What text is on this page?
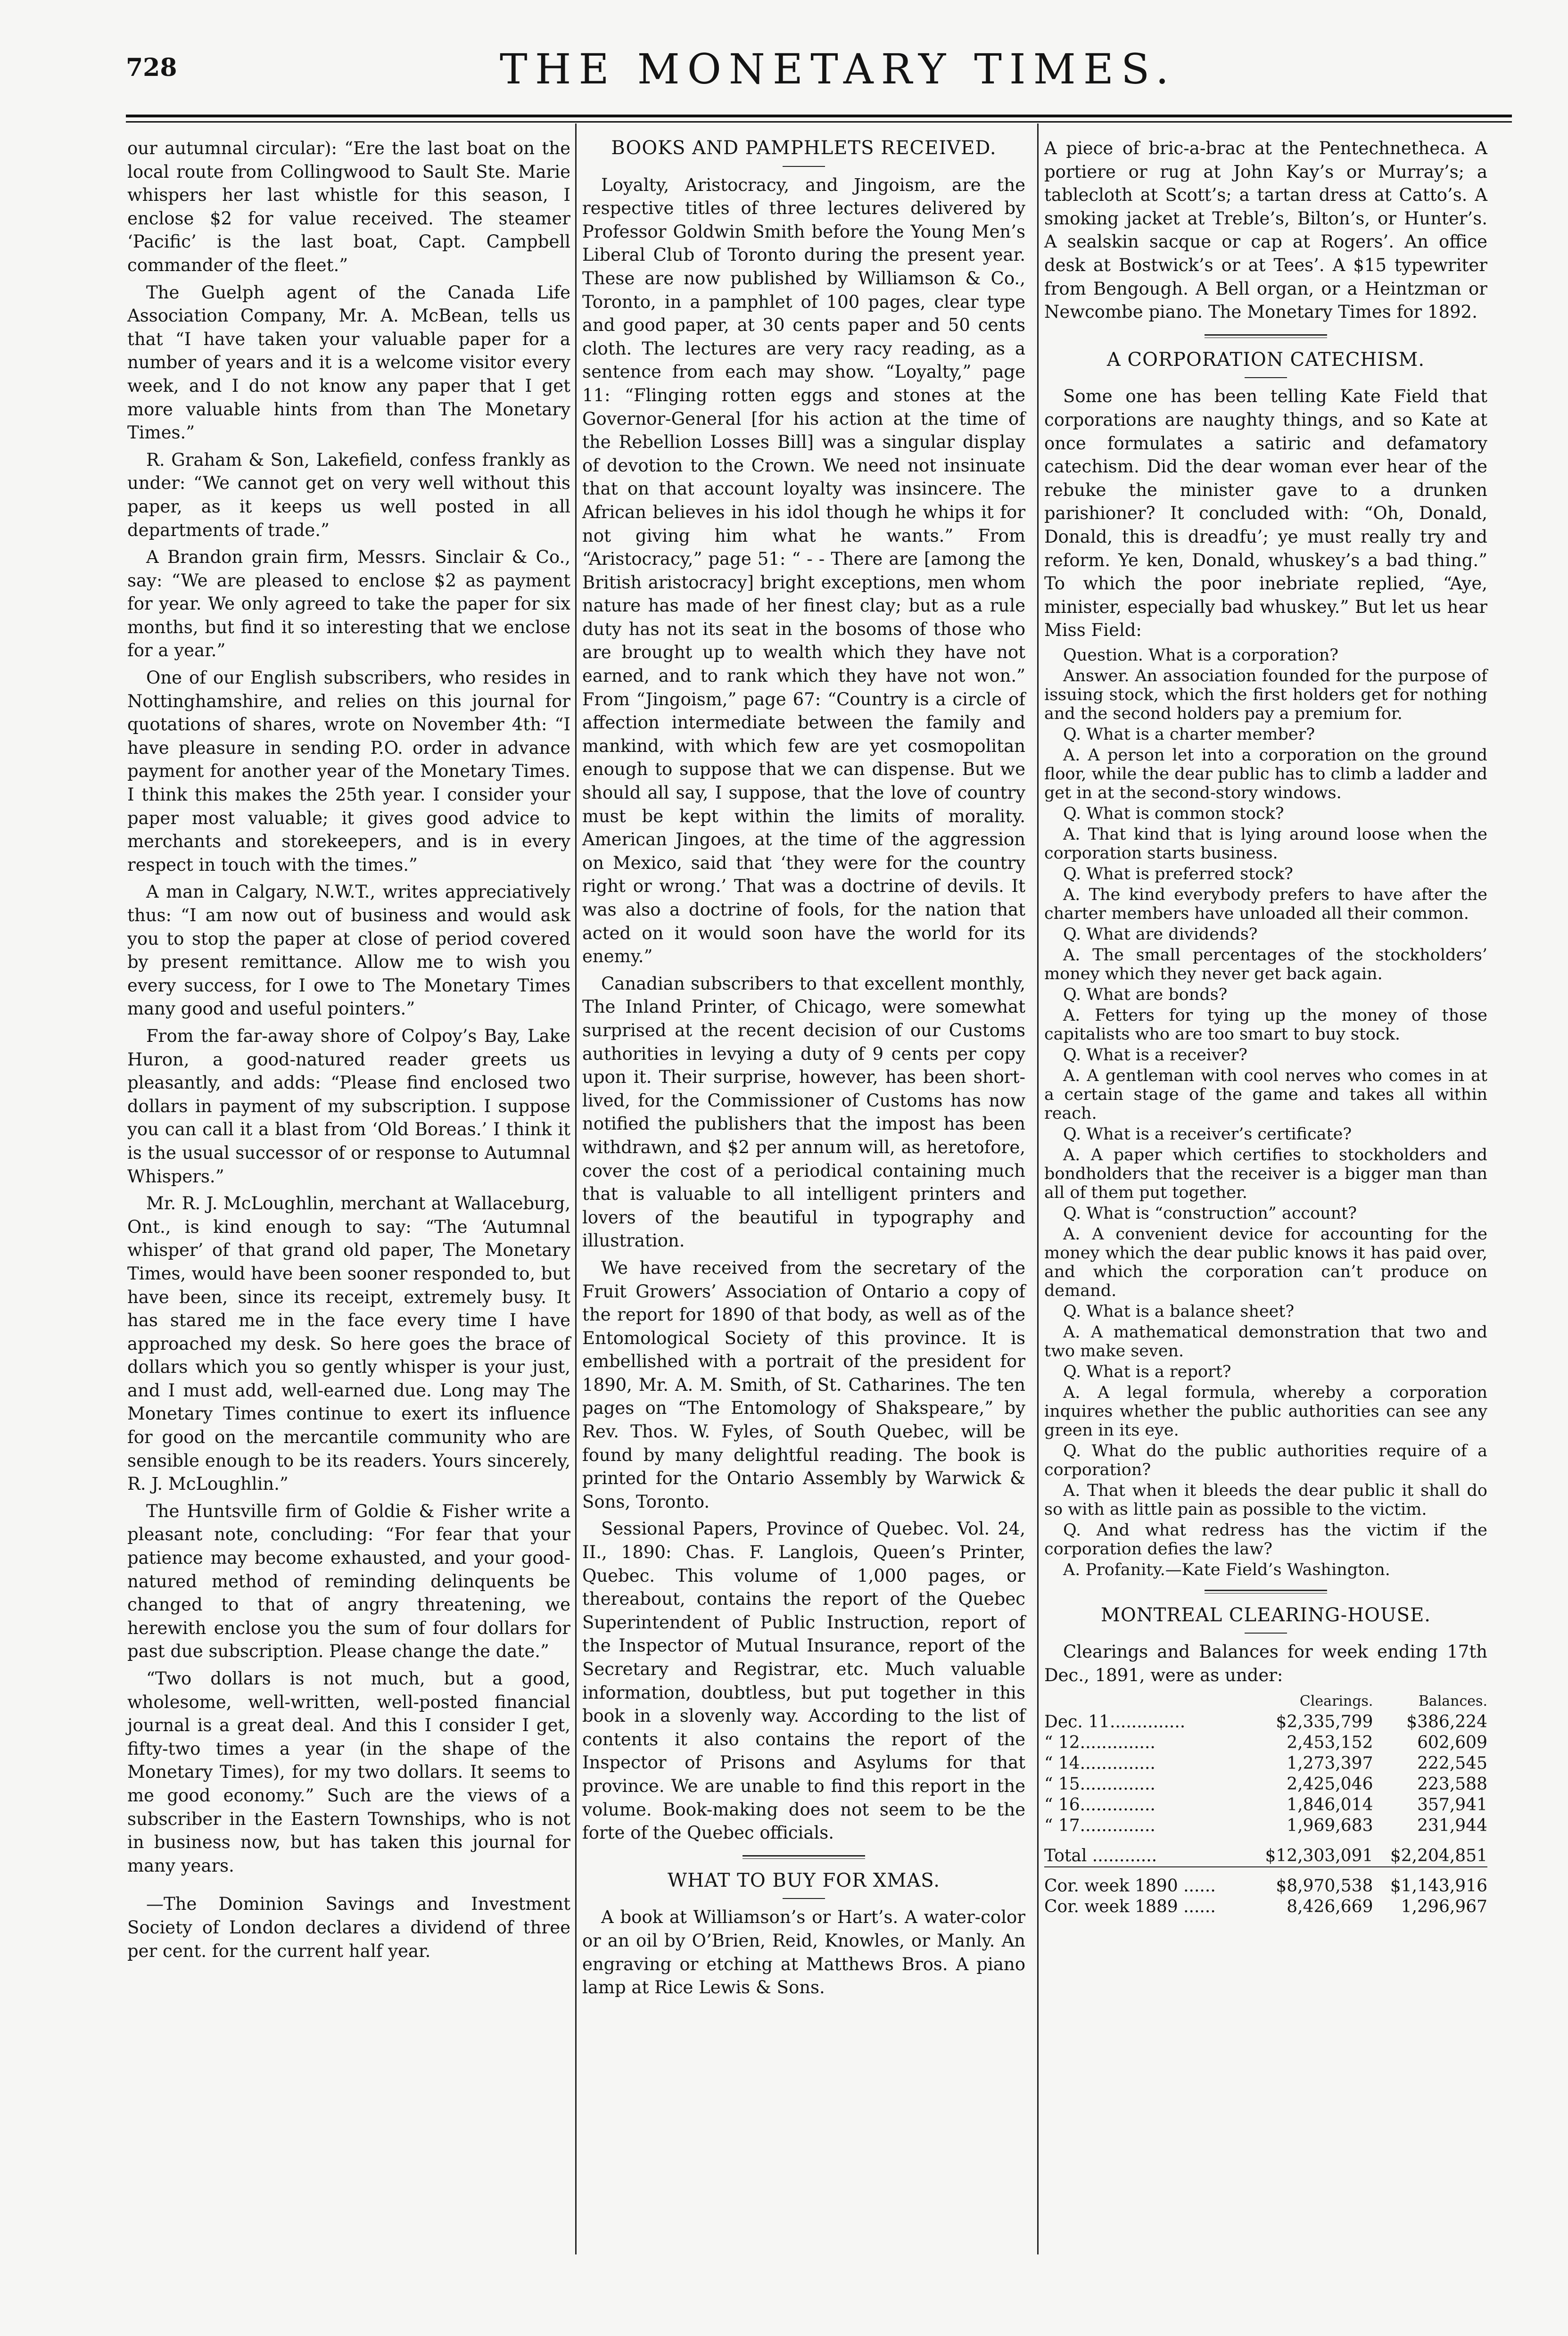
728	THE MONETARY TIMES.

our autumnal circular): “Ere the last boat on the local route from Collingwood to Sault Ste. Marie whispers her last whistle for this season, I enclose $2 for value received. The steamer ‘Pacific’ is the last boat, Capt. Campbell commander of the fleet.”

The Guelph agent of the Canada Life Association Company, Mr. A. McBean, tells us that “I have taken your valuable paper for a number of years and it is a welcome visitor every week, and I do not know any paper that I get more valuable hints from than The Monetary Times.”

R. Graham & Son, Lakefield, confess frankly as under: “We cannot get on very well without this paper, as it keeps us well posted in all departments of trade.”

A Brandon grain firm, Messrs. Sinclair & Co., say: “We are pleased to enclose $2 as payment for year. We only agreed to take the paper for six months, but find it so interesting that we enclose for a year.”

One of our English subscribers, who resides in Nottinghamshire, and relies on this journal for quotations of shares, wrote on November 4th: “I have pleasure in sending P.O. order in advance payment for another year of the Monetary Times. I think this makes the 25th year. I consider your paper most valuable; it gives good advice to merchants and storekeepers, and is in every respect in touch with the times.”

A man in Calgary, N.W.T., writes appreciatively thus: “I am now out of business and would ask you to stop the paper at close of period covered by present remittance. Allow me to wish you every success, for I owe to The Monetary Times many good and useful pointers.”

From the far-away shore of Colpoy’s Bay, Lake Huron, a good-natured reader greets us pleasantly, and adds: “Please find enclosed two dollars in payment of my subscription. I suppose you can call it a blast from ‘Old Boreas.’ I think it is the usual successor of or response to Autumnal Whispers.”

Mr. R. J. McLoughlin, merchant at Wallaceburg, Ont., is kind enough to say: “The ‘Autumnal whisper’ of that grand old paper, The Monetary Times, would have been sooner responded to, but have been, since its receipt, extremely busy. It has stared me in the face every time I have approached my desk. So here goes the brace of dollars which you so gently whisper is your just, and I must add, well-earned due. Long may The Monetary Times continue to exert its influence for good on the mercantile community who are sensible enough to be its readers. Yours sincerely, R. J. McLoughlin.”

The Huntsville firm of Goldie & Fisher write a pleasant note, concluding: “For fear that your patience may become exhausted, and your good-natured method of reminding delinquents be changed to that of angry threatening, we herewith enclose you the sum of four dollars for past due subscription. Please change the date.”

“Two dollars is not much, but a good, wholesome, well-written, well-posted financial journal is a great deal. And this I consider I get, fifty-two times a year (in the shape of the Monetary Times), for my two dollars. It seems to me good economy.” Such are the views of a subscriber in the Eastern Townships, who is not in business now, but has taken this journal for many years.

—The Dominion Savings and Investment Society of London declares a dividend of three per cent. for the current half year.

BOOKS AND PAMPHLETS RECEIVED.

Loyalty, Aristocracy, and Jingoism, are the respective titles of three lectures delivered by Professor Goldwin Smith before the Young Men’s Liberal Club of Toronto during the present year. These are now published by Williamson & Co., Toronto, in a pamphlet of 100 pages, clear type and good paper, at 30 cents paper and 50 cents cloth. The lectures are very racy reading, as a sentence from each may show. “Loyalty,” page 11: “Flinging rotten eggs and stones at the Governor-General [for his action at the time of the Rebellion Losses Bill] was a singular display of devotion to the Crown. We need not insinuate that on that account loyalty was insincere. The African believes in his idol though he whips it for not giving him what he wants.” From “Aristocracy,” page 51: “ - - There are [among the British aristocracy] bright exceptions, men whom nature has made of her finest clay; but as a rule duty has not its seat in the bosoms of those who are brought up to wealth which they have not earned, and to rank which they have not won.” From “Jingoism,” page 67: “Country is a circle of affection intermediate between the family and mankind, with which few are yet cosmopolitan enough to suppose that we can dispense. But we should all say, I suppose, that the love of country must be kept within the limits of morality. American Jingoes, at the time of the aggression on Mexico, said that ‘they were for the country right or wrong.’ That was a doctrine of devils. It was also a doctrine of fools, for the nation that acted on it would soon have the world for its enemy.”

Canadian subscribers to that excellent monthly, The Inland Printer, of Chicago, were somewhat surprised at the recent decision of our Customs authorities in levying a duty of 9 cents per copy upon it. Their surprise, however, has been short-lived, for the Commissioner of Customs has now notified the publishers that the impost has been withdrawn, and $2 per annum will, as heretofore, cover the cost of a periodical containing much that is valuable to all intelligent printers and lovers of the beautiful in typography and illustration.

We have received from the secretary of the Fruit Growers’ Association of Ontario a copy of the report for 1890 of that body, as well as of the Entomological Society of this province. It is embellished with a portrait of the president for 1890, Mr. A. M. Smith, of St. Catharines. The ten pages on “The Entomology of Shakspeare,” by Rev. Thos. W. Fyles, of South Quebec, will be found by many delightful reading. The book is printed for the Ontario Assembly by Warwick & Sons, Toronto.

Sessional Papers, Province of Quebec. Vol. 24, II., 1890: Chas. F. Langlois, Queen’s Printer, Quebec. This volume of 1,000 pages, or thereabout, contains the report of the Quebec Superintendent of Public Instruction, report of the Inspector of Mutual Insurance, report of the Secretary and Registrar, etc. Much valuable information, doubtless, but put together in this book in a slovenly way. According to the list of contents it also contains the report of the Inspector of Prisons and Asylums for that province. We are unable to find this report in the volume. Book-making does not seem to be the forte of the Quebec officials.

WHAT TO BUY FOR XMAS.

A book at Williamson’s or Hart’s. A water-color or an oil by O’Brien, Reid, Knowles, or Manly. An engraving or etching at Matthews Bros. A piano lamp at Rice Lewis & Sons.

A piece of bric-a-brac at the Pentechnetheca. A portiere or rug at John Kay’s or Murray’s; a tablecloth at Scott’s; a tartan dress at Catto’s. A smoking jacket at Treble’s, Bilton’s, or Hunter’s. A sealskin sacque or cap at Rogers’. An office desk at Bostwick’s or at Tees’. A $15 typewriter from Bengough. A Bell organ, or a Heintzman or Newcombe piano. The Monetary Times for 1892.

A CORPORATION CATECHISM.

Some one has been telling Kate Field that corporations are naughty things, and so Kate at once formulates a satiric and defamatory catechism. Did the dear woman ever hear of the rebuke the minister gave to a drunken parishioner? It concluded with: “Oh, Donald, Donald, this is dreadfu’; ye must really try and reform. Ye ken, Donald, whuskey’s a bad thing.” To which the poor inebriate replied, “Aye, minister, especially bad whuskey.” But let us hear Miss Field:

Question. What is a corporation?

Answer. An association founded for the purpose of issuing stock, which the first holders get for nothing and the second holders pay a premium for.

Q. What is a charter member?

A. A person let into a corporation on the ground floor, while the dear public has to climb a ladder and get in at the second-story windows.

Q. What is common stock?

A. That kind that is lying around loose when the corporation starts business.

Q. What is preferred stock?

A. The kind everybody prefers to have after the charter members have unloaded all their common.

Q. What are dividends?

A. The small percentages of the stockholders’ money which they never get back again.

Q. What are bonds?

A. Fetters for tying up the money of those capitalists who are too smart to buy stock.

Q. What is a receiver?

A. A gentleman with cool nerves who comes in at a certain stage of the game and takes all within reach.

Q. What is a receiver’s certificate?

A. A paper which certifies to stockholders and bondholders that the receiver is a bigger man than all of them put together.

Q. What is “construction” account?

A. A convenient device for accounting for the money which the dear public knows it has paid over, and which the corporation can’t produce on demand.

Q. What is a balance sheet?

A. A mathematical demonstration that two and two make seven.

Q. What is a report?

A. A legal formula, whereby a corporation inquires whether the public authorities can see any green in its eye.

Q. What do the public authorities require of a corporation?

A. That when it bleeds the dear public it shall do so with as little pain as possible to the victim.

Q. And what redress has the victim if the corporation defies the law?

A. Profanity.—Kate Field’s Washington.

MONTREAL CLEARING-HOUSE.

Clearings and Balances for week ending 17th Dec., 1891, were as under:

	Clearings.	Balances.
Dec. 11..............	$2,335,799	$386,224
“ 12..............	2,453,152	602,609
“ 14..............	1,273,397	222,545
“ 15..............	2,425,046	223,588
“ 16..............	1,846,014	357,941
“ 17..............	1,969,683	231,944
Total ............	$12,303,091	$2,204,851

Cor. week 1890 ......	$8,970,538	$1,143,916
Cor. week 1889 ......	8,426,669	1,296,967
